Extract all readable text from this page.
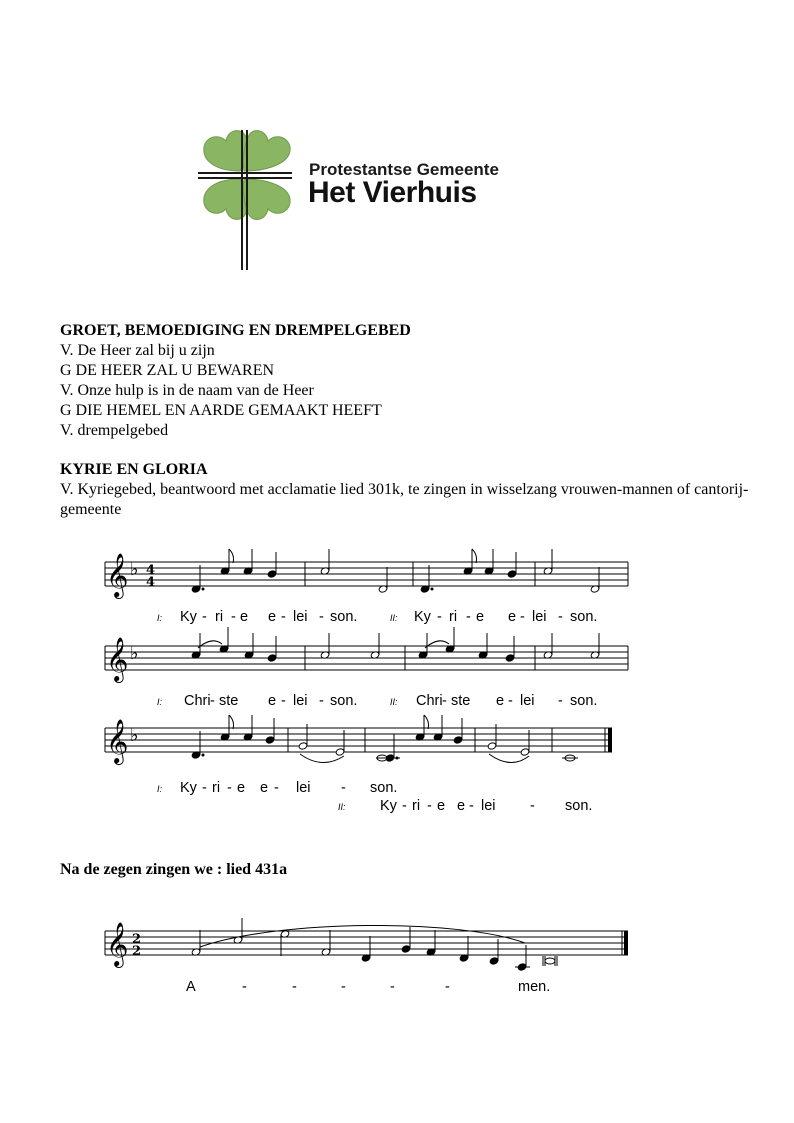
Protestantse Gemeente
Het Vierhuis

GROET, BEMOEDIGING EN DREMPELGEBED

V. De Heer zal bij u zijn

G DE HEER ZAL U BEWAREN

V. Onze hulp is in de naam van de Heer

G DIE HEMEL EN AARDE GEMAAKT HEEFT

V. drempelgebed

KYRIE EN GLORIA

V. Kyriegebed, beantwoord met acclamatie lied 301k, te zingen in wisselzang vrouwen-mannen of cantorij-gemeente

𝄞
𝄞
𝄞
♭
♭
♭
4
4
I: Ky - ri - e e - lei - son.	II: Ky - ri - e e - lei - son.
I: Chri - ste e - lei - son.	II: Chri - ste e - lei - son.
I: Ky - ri - e e - lei - son.
II: Ky - ri - e e - lei - son.

Na de zegen zingen we : lied 431a

𝄞 2
2
A	-	-	-	-	-	men.
